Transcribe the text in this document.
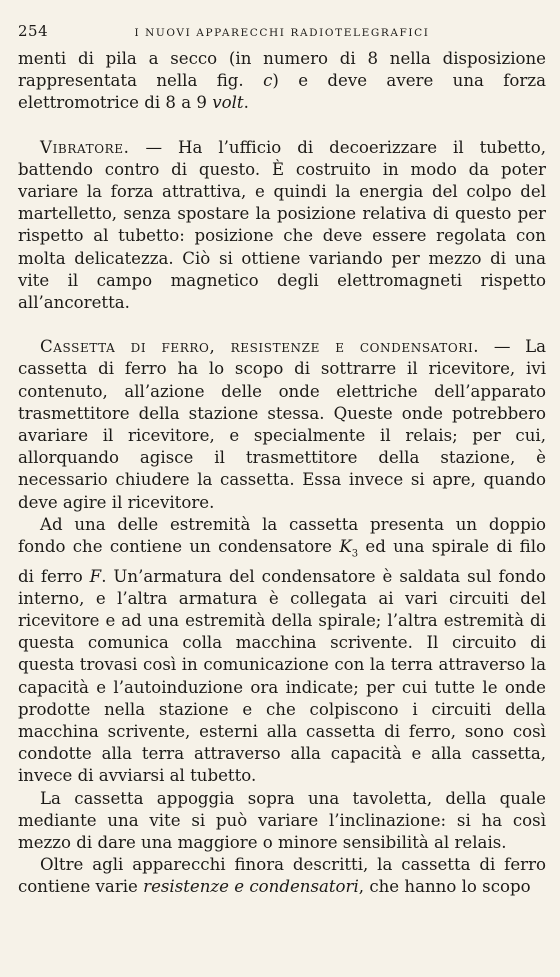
254	I NUOVI APPARECCHI RADIOTELEGRAFICI

menti di pila a secco (in numero di 8 nella disposizione rappresentata nella fig. c) e deve avere una forza elettromotrice di 8 a 9 volt.

Vibratore. — Ha l’ufficio di decoerizzare il tubetto, battendo contro di questo. È costruito in modo da poter variare la forza attrattiva, e quindi la energia del colpo del martelletto, senza spostare la posizione relativa di questo per rispetto al tubetto: posizione che deve essere regolata con molta delicatezza. Ciò si ottiene variando per mezzo di una vite il campo magnetico degli elettromagneti rispetto all’ancoretta.

Cassetta di ferro, resistenze e condensatori. — La cassetta di ferro ha lo scopo di sottrarre il ricevitore, ivi contenuto, all’azione delle onde elettriche dell’apparato trasmettitore della stazione stessa. Queste onde potrebbero avariare il ricevitore, e specialmente il relais; per cui, allorquando agisce il trasmettitore della stazione, è necessario chiudere la cassetta. Essa invece si apre, quando deve agire il ricevitore.

Ad una delle estremità la cassetta presenta un doppio fondo che contiene un condensatore $K_3$ ed una spirale di filo di ferro F. Un’armatura del condensatore è saldata sul fondo interno, e l’altra armatura è collegata ai vari circuiti del ricevitore e ad una estremità della spirale; l’altra estremità di questa comunica colla macchina scrivente. Il circuito di questa trovasi così in comunicazione con la terra attraverso la capacità e l’autoinduzione ora indicate; per cui tutte le onde prodotte nella stazione e che colpiscono i circuiti della macchina scrivente, esterni alla cassetta di ferro, sono così condotte alla terra attraverso alla capacità e alla cassetta, invece di avviarsi al tubetto.

La cassetta appoggia sopra una tavoletta, della quale mediante una vite si può variare l’inclinazione: si ha così mezzo di dare una maggiore o minore sensibilità al relais.

Oltre agli apparecchi finora descritti, la cassetta di ferro contiene varie resistenze e condensatori, che hanno lo scopo
